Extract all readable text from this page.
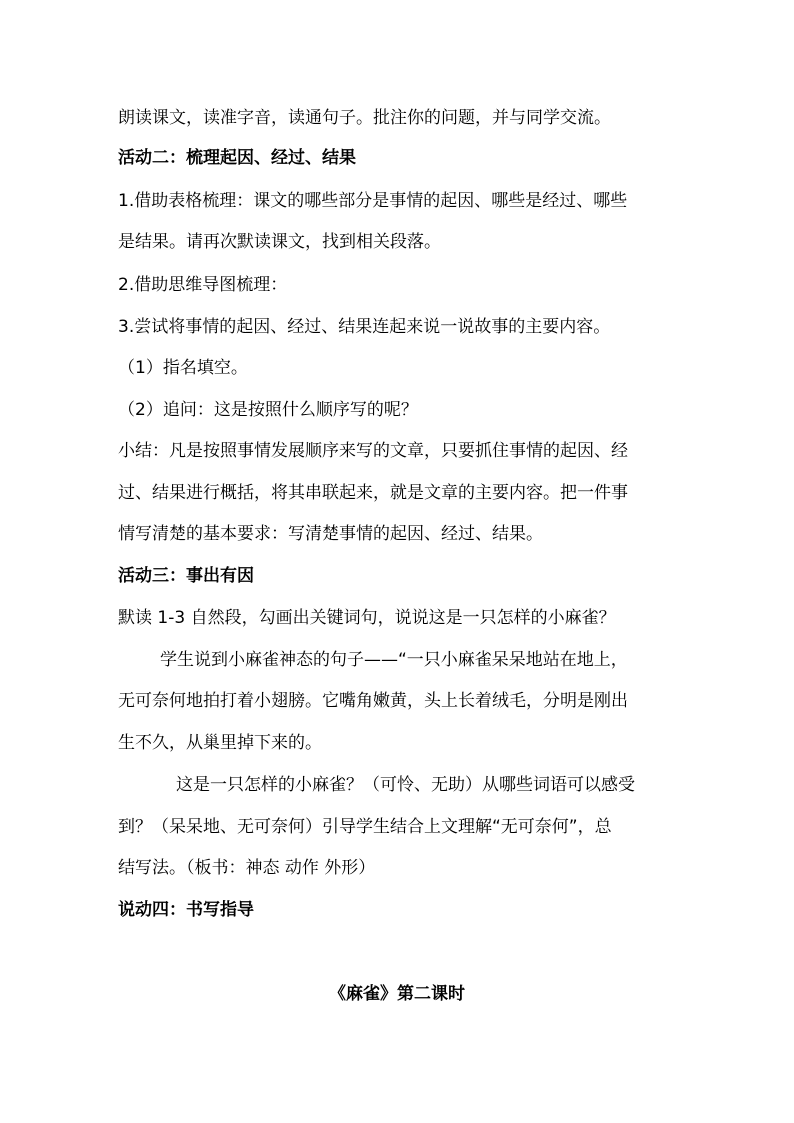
朗读课文，读准字音，读通句子。批注你的问题，并与同学交流。
活动二：梳理起因、经过、结果
1.借助表格梳理：课文的哪些部分是事情的起因、哪些是经过、哪些
是结果。请再次默读课文，找到相关段落。
2.借助思维导图梳理：
3.尝试将事情的起因、经过、结果连起来说一说故事的主要内容。
（1）指名填空。
（2）追问：这是按照什么顺序写的呢？
小结：凡是按照事情发展顺序来写的文章，只要抓住事情的起因、经
过、结果进行概括，将其串联起来，就是文章的主要内容。把一件事
情写清楚的基本要求：写清楚事情的起因、经过、结果。
活动三：事出有因
默读 1-3 自然段，勾画出关键词句，说说这是一只怎样的小麻雀？
学生说到小麻雀神态的句子——“一只小麻雀呆呆地站在地上，
无可奈何地拍打着小翅膀。它嘴角嫩黄，头上长着绒毛，分明是刚出
生不久，从巢里掉下来的。
这是一只怎样的小麻雀？（可怜、无助）从哪些词语可以感受
到？（呆呆地、无可奈何）引导学生结合上文理解“无可奈何”，总
结写法。（板书：神态 动作 外形）
说动四：书写指导
《麻雀》第二课时
